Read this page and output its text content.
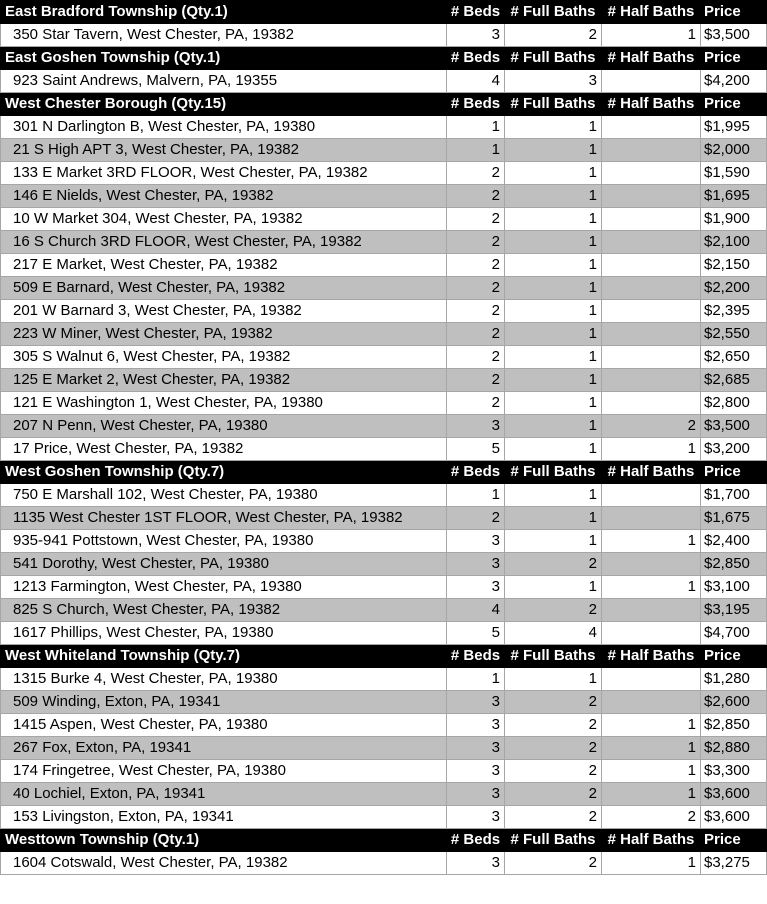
East Bradford Township (Qty.1)	# Beds	# Full Baths	# Half Baths	Price
350 Star Tavern, West Chester, PA, 19382	3	2	1	$3,500
East Goshen Township (Qty.1)	# Beds	# Full Baths	# Half Baths	Price
923 Saint Andrews, Malvern, PA, 19355	4	3		$4,200
West Chester Borough (Qty.15)	# Beds	# Full Baths	# Half Baths	Price
301 N Darlington B, West Chester, PA, 19380	1	1		$1,995
21 S High APT 3, West Chester, PA, 19382	1	1		$2,000
133 E Market 3RD FLOOR, West Chester, PA, 19382	2	1		$1,590
146 E Nields, West Chester, PA, 19382	2	1		$1,695
10 W Market 304, West Chester, PA, 19382	2	1		$1,900
16 S Church 3RD FLOOR, West Chester, PA, 19382	2	1		$2,100
217 E Market, West Chester, PA, 19382	2	1		$2,150
509 E Barnard, West Chester, PA, 19382	2	1		$2,200
201 W Barnard 3, West Chester, PA, 19382	2	1		$2,395
223 W Miner, West Chester, PA, 19382	2	1		$2,550
305 S Walnut 6, West Chester, PA, 19382	2	1		$2,650
125 E Market 2, West Chester, PA, 19382	2	1		$2,685
121 E Washington 1, West Chester, PA, 19380	2	1		$2,800
207 N Penn, West Chester, PA, 19380	3	1	2	$3,500
17 Price, West Chester, PA, 19382	5	1	1	$3,200
West Goshen Township (Qty.7)	# Beds	# Full Baths	# Half Baths	Price
750 E Marshall 102, West Chester, PA, 19380	1	1		$1,700
1135 West Chester 1ST FLOOR, West Chester, PA, 19382	2	1		$1,675
935-941 Pottstown, West Chester, PA, 19380	3	1	1	$2,400
541 Dorothy, West Chester, PA, 19380	3	2		$2,850
1213 Farmington, West Chester, PA, 19380	3	1	1	$3,100
825 S Church, West Chester, PA, 19382	4	2		$3,195
1617 Phillips, West Chester, PA, 19380	5	4		$4,700
West Whiteland Township (Qty.7)	# Beds	# Full Baths	# Half Baths	Price
1315 Burke 4, West Chester, PA, 19380	1	1		$1,280
509 Winding, Exton, PA, 19341	3	2		$2,600
1415 Aspen, West Chester, PA, 19380	3	2	1	$2,850
267 Fox, Exton, PA, 19341	3	2	1	$2,880
174 Fringetree, West Chester, PA, 19380	3	2	1	$3,300
40 Lochiel, Exton, PA, 19341	3	2	1	$3,600
153 Livingston, Exton, PA, 19341	3	2	2	$3,600
Westtown Township (Qty.1)	# Beds	# Full Baths	# Half Baths	Price
1604 Cotswald, West Chester, PA, 19382	3	2	1	$3,275
